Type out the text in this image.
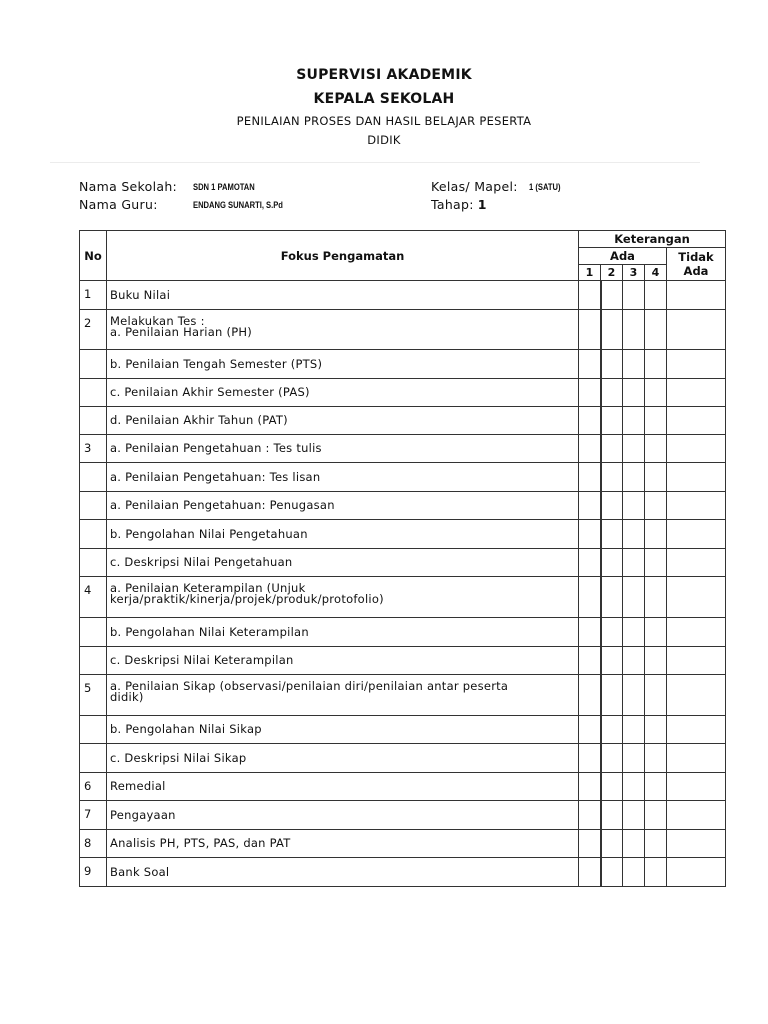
SUPERVISI AKADEMIK
KEPALA SEKOLAH
PENILAIAN PROSES DAN HASIL BELAJAR PESERTA
DIDIK
Nama Sekolah: SDN 1 PAMOTAN
Nama Guru:	ENDANG SUNARTI, S.Pd
Kelas/ Mapel: 1 (SATU)
Tahap: 1
No	Fokus Pengamatan	Keterangan				
		Ada				Tidak Ada
		1	2	3	4	
1	Buku Nilai					

2	Melakukan Tes :
a. Penilaian Harian (PH)					

	b. Penilaian Tengah Semester (PTS)					

	c. Penilaian Akhir Semester (PAS)					

	d. Penilaian Akhir Tahun (PAT)					

3	a. Penilaian Pengetahuan : Tes tulis					

	a. Penilaian Pengetahuan: Tes lisan					

	a. Penilaian Pengetahuan: Penugasan					

	b. Pengolahan Nilai Pengetahuan					

	c. Deskripsi Nilai Pengetahuan					

4	a. Penilaian Keterampilan (Unjuk
kerja/praktik/kinerja/projek/produk/protofolio)					

	b. Pengolahan Nilai Keterampilan					

	c. Deskripsi Nilai Keterampilan					

5	a. Penilaian Sikap (observasi/penilaian diri/penilaian antar peserta
didik)					

	b. Pengolahan Nilai Sikap					

	c. Deskripsi Nilai Sikap					

6	Remedial					

7	Pengayaan					

8	Analisis PH, PTS, PAS, dan PAT					

9	Bank Soal					
